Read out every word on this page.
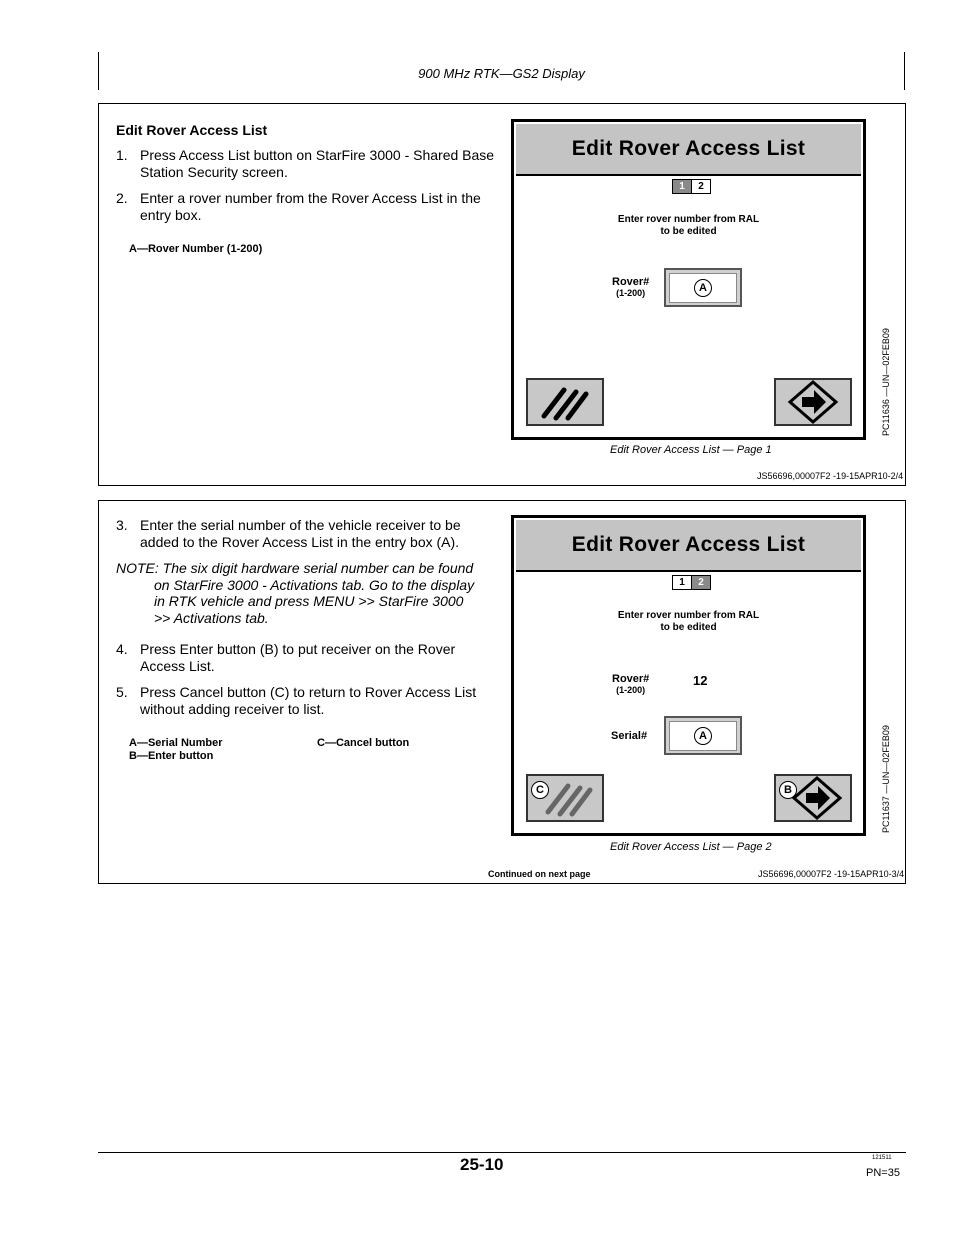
900 MHz RTK—GS2 Display
Edit Rover Access List
1. Press Access List button on StarFire 3000 - Shared Base Station Security screen.
2. Enter a rover number from the Rover Access List in the entry box.
A—Rover Number (1-200)
Edit Rover Access List
1	2
Enter rover number from RAL
to be edited
Rover#
(1-200)	A
PC11636 —UN—02FEB09
Edit Rover Access List — Page 1
JS56696,00007F2 -19-15APR10-2/4
3. Enter the serial number of the vehicle receiver to be added to the Rover Access List in the entry box (A).
NOTE: The six digit hardware serial number can be found on StarFire 3000 - Activations tab. Go to the display in RTK vehicle and press MENU >> StarFire 3000 >> Activations tab.
4. Press Enter button (B) to put receiver on the Rover Access List.
5. Press Cancel button (C) to return to Rover Access List without adding receiver to list.
A—Serial Number
B—Enter button
C—Cancel button
Edit Rover Access List
1	2
Enter rover number from RAL
to be edited
Rover#
(1-200)
12
Serial#	A
C	B	PC11637 —UN—02FEB09
Edit Rover Access List — Page 2
Continued on next page	JS56696,00007F2 -19-15APR10-3/4
25-10	121511
PN=35
